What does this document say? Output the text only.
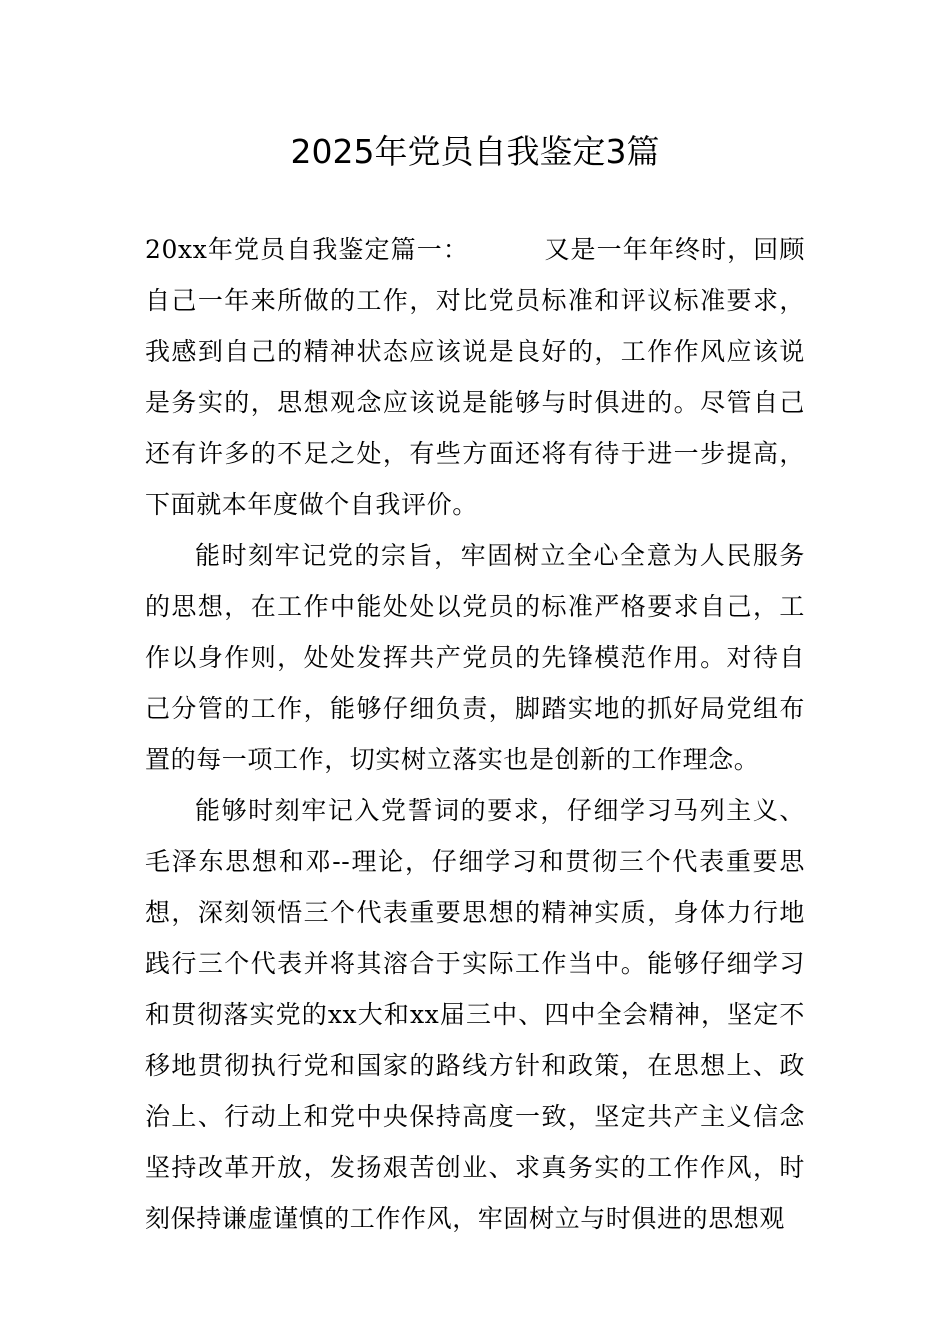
2025年党员自我鉴定3篇

20xx年党员自我鉴定篇一：	又是一年年终时，回顾自己一年来所做的工作，对比党员标准和评议标准要求，我感到自己的精神状态应该说是良好的，工作作风应该说是务实的，思想观念应该说是能够与时俱进的。尽管自己还有许多的不足之处，有些方面还将有待于进一步提高，下面就本年度做个自我评价。

能时刻牢记党的宗旨，牢固树立全心全意为人民服务的思想，在工作中能处处以党员的标准严格要求自己，工作以身作则，处处发挥共产党员的先锋模范作用。对待自己分管的工作，能够仔细负责，脚踏实地的抓好局党组布置的每一项工作，切实树立落实也是创新的工作理念。

能够时刻牢记入党誓词的要求，仔细学习马列主义、毛泽东思想和邓--理论，仔细学习和贯彻三个代表重要思想，深刻领悟三个代表重要思想的精神实质，身体力行地践行三个代表并将其溶合于实际工作当中。能够仔细学习和贯彻落实党的xx大和xx届三中、四中全会精神，坚定不移地贯彻执行党和国家的路线方针和政策，在思想上、政治上、行动上和党中央保持高度一致，坚定共产主义信念坚持改革开放，发扬艰苦创业、求真务实的工作作风，时刻保持谦虚谨慎的工作作风，牢固树立与时俱进的思想观
